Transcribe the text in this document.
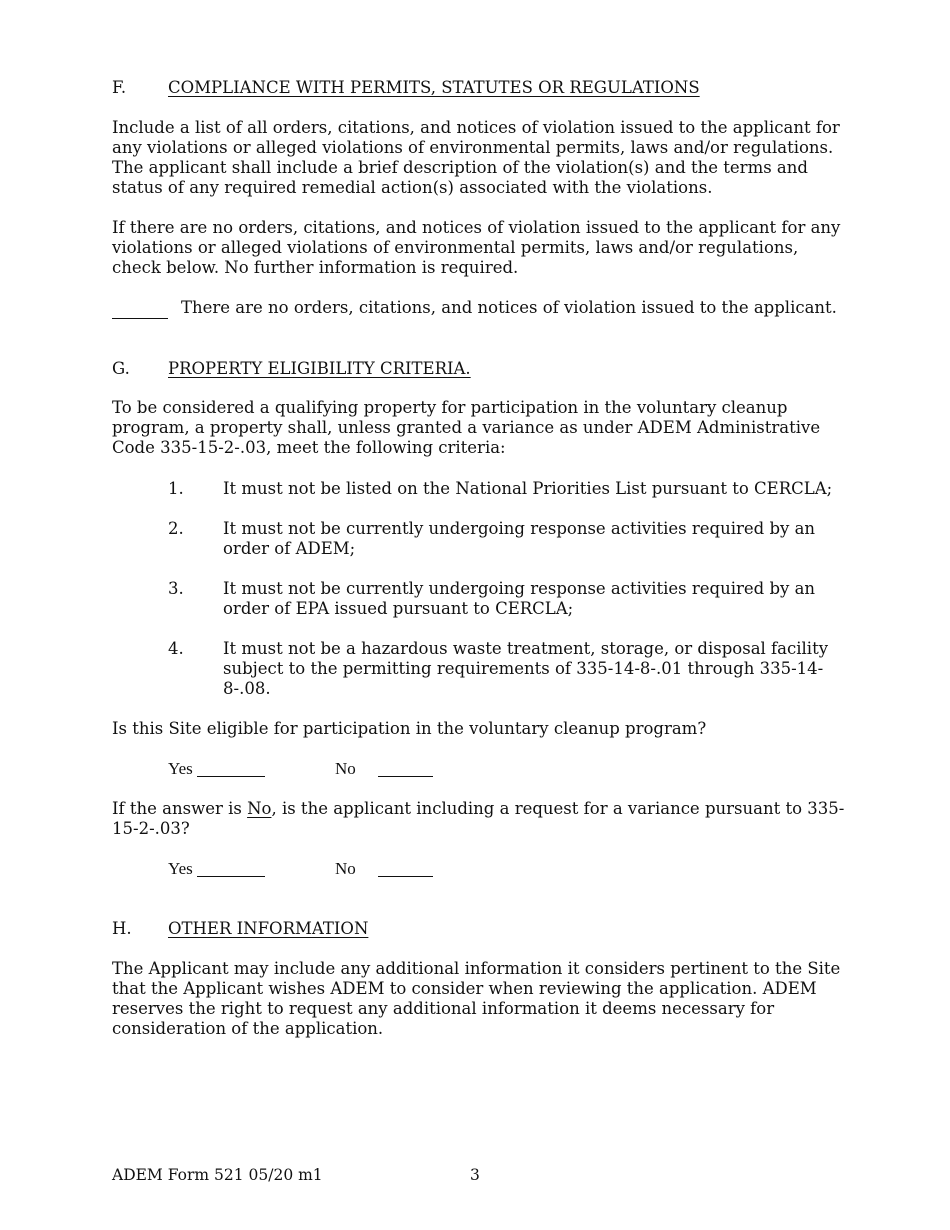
F.	COMPLIANCE WITH PERMITS, STATUTES OR REGULATIONS

Include a list of all orders, citations, and notices of violation issued to the applicant for any violations or alleged violations of environmental permits, laws and/or regulations. The applicant shall include a brief description of the violation(s) and the terms and status of any required remedial action(s) associated with the violations.

If there are no orders, citations, and notices of violation issued to the applicant for any violations or alleged violations of environmental permits, laws and/or regulations, check below. No further information is required.

There are no orders, citations, and notices of violation issued to the applicant.
G. PROPERTY ELIGIBILITY CRITERIA.

To be considered a qualifying property for participation in the voluntary cleanup program, a property shall, unless granted a variance as under ADEM Administrative Code 335-15-2-.03, meet the following criteria:

1. It must not be listed on the National Priorities List pursuant to CERCLA;
2. It must not be currently undergoing response activities required by an order of ADEM;
3. It must not be currently undergoing response activities required by an order of EPA issued pursuant to CERCLA;
4. It must not be a hazardous waste treatment, storage, or disposal facility subject to the permitting requirements of 335-14-8-.01 through 335-14-8-.08.
Is this Site eligible for participation in the voluntary cleanup program?
Yes	No
If the answer is No, is the applicant including a request for a variance pursuant to 335-15-2-.03?
Yes	No
H. OTHER INFORMATION

The Applicant may include any additional information it considers pertinent to the Site that the Applicant wishes ADEM to consider when reviewing the application. ADEM reserves the right to request any additional information it deems necessary for consideration of the application.

ADEM Form 521 05/20 m1	3
